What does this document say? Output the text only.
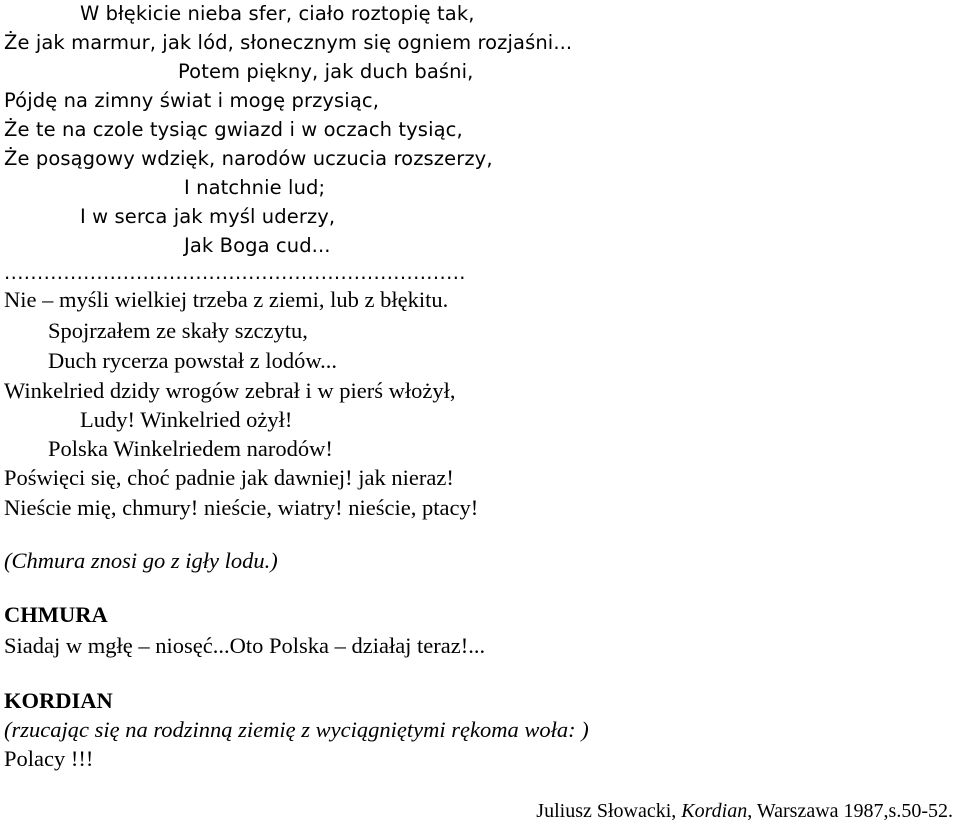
W błękicie nieba sfer, ciało roztopię tak,
Że jak marmur, jak lód, słonecznym się ogniem rozjaśni...
Potem piękny, jak duch baśni,
Pójdę na zimny świat i mogę przysiąc,
Że te na czole tysiąc gwiazd i w oczach tysiąc,
Że posągowy wdzięk, narodów uczucia rozszerzy,
I natchnie lud;
I w serca jak myśl uderzy,
Jak Boga cud...
......................................................................
Nie – myśli wielkiej trzeba z ziemi, lub z błękitu.
Spojrzałem ze skały szczytu,
Duch rycerza powstał z lodów...
Winkelried dzidy wrogów zebrał i w pierś włożył,
Ludy! Winkelried ożył!
Polska Winkelriedem narodów!
Poświęci się, choć padnie jak dawniej! jak nieraz!
Nieście mię, chmury! nieście, wiatry! nieście, ptacy!
(Chmura znosi go z igły lodu.)
CHMURA
Siadaj w mgłę – niosęć...Oto Polska – działaj teraz!...
KORDIAN
(rzucając się na rodzinną ziemię z wyciągniętymi rękoma woła: )
Polacy !!!
Juliusz Słowacki, Kordian, Warszawa 1987,s.50-52.
